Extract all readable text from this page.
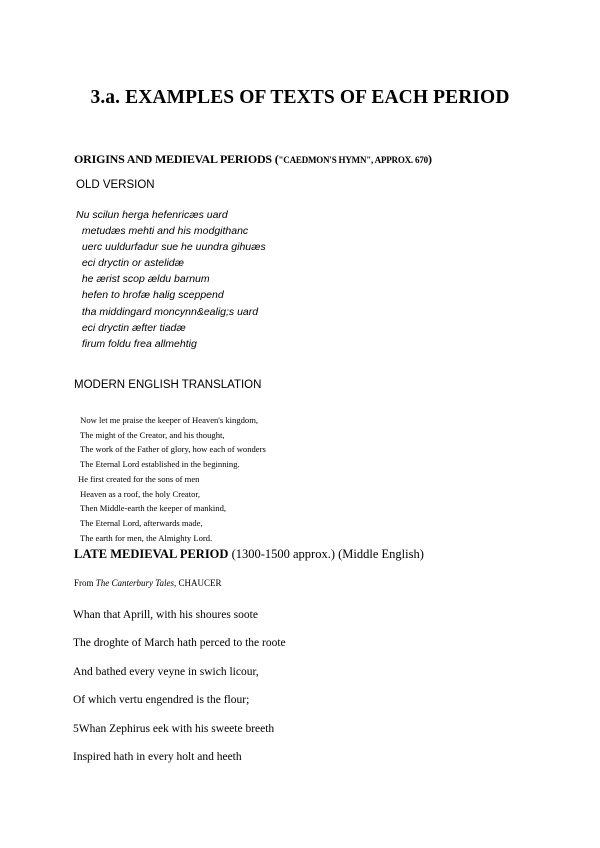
3.a. EXAMPLES OF TEXTS OF EACH PERIOD
ORIGINS AND MEDIEVAL PERIODS ("CAEDMON'S HYMN", APPROX. 670)
OLD VERSION
Nu scilun herga hefenricæs uard
metudæs mehti and his modgithanc
uerc uuldurfadur sue he uundra gihuæs
eci dryctin or astelidæ
he ærist scop ældu barnum
hefen to hrofæ halig sceppend
tha middingard moncynn&ealig;s uard
eci dryctin æfter tiadæ
firum foldu frea allmehtig
MODERN ENGLISH TRANSLATION
Now let me praise the keeper of Heaven's kingdom,
The might of the Creator, and his thought,
The work of the Father of glory, how each of wonders
The Eternal Lord established in the beginning.
He first created for the sons of men
Heaven as a roof, the holy Creator,
Then Middle-earth the keeper of mankind,
The Eternal Lord, afterwards made,
The earth for men, the Almighty Lord.
LATE MEDIEVAL PERIOD (1300-1500 approx.) (Middle English)
From The Canterbury Tales, CHAUCER
Whan that Aprill, with his shoures soote
The droghte of March hath perced to the roote
And bathed every veyne in swich licour,
Of which vertu engendred is the flour;
5Whan Zephirus eek with his sweete breeth
Inspired hath in every holt and heeth
